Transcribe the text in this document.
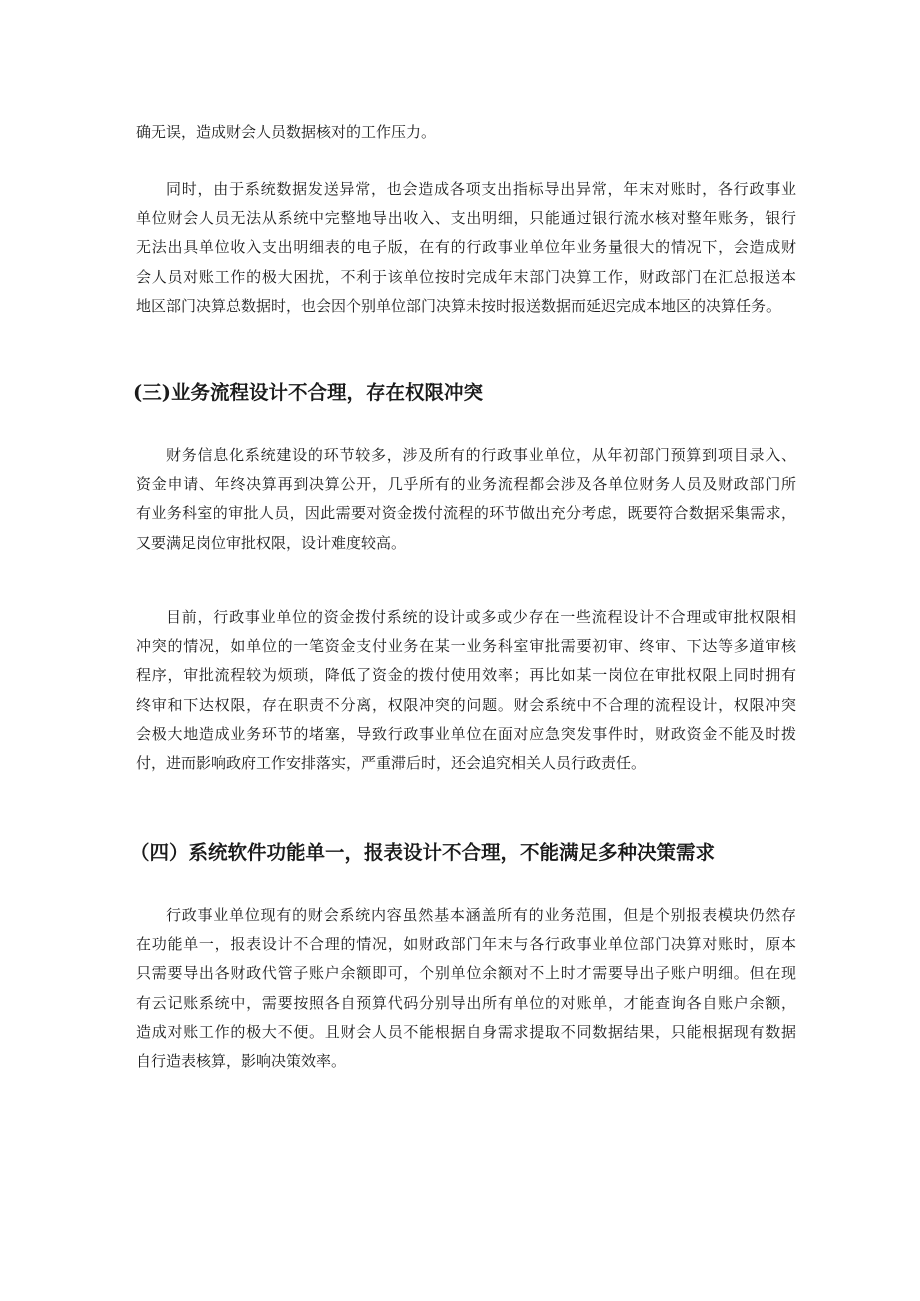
确无误，造成财会人员数据核对的工作压力。

同时，由于系统数据发送异常，也会造成各项支出指标导出异常，年末对账时，各行政事业
单位财会人员无法从系统中完整地导出收入、支出明细，只能通过银行流水核对整年账务，银行
无法出具单位收入支出明细表的电子版，在有的行政事业单位年业务量很大的情况下，会造成财
会人员对账工作的极大困扰，不利于该单位按时完成年末部门决算工作，财政部门在汇总报送本
地区部门决算总数据时，也会因个别单位部门决算未按时报送数据而延迟完成本地区的决算任务。

(三)业务流程设计不合理，存在权限冲突

财务信息化系统建设的环节较多，涉及所有的行政事业单位，从年初部门预算到项目录入、
资金申请、年终决算再到决算公开，几乎所有的业务流程都会涉及各单位财务人员及财政部门所
有业务科室的审批人员，因此需要对资金拨付流程的环节做出充分考虑，既要符合数据采集需求，
又要满足岗位审批权限，设计难度较高。

目前，行政事业单位的资金拨付系统的设计或多或少存在一些流程设计不合理或审批权限相
冲突的情况，如单位的一笔资金支付业务在某一业务科室审批需要初审、终审、下达等多道审核
程序，审批流程较为烦琐，降低了资金的拨付使用效率；再比如某一岗位在审批权限上同时拥有
终审和下达权限，存在职责不分离，权限冲突的问题。财会系统中不合理的流程设计，权限冲突
会极大地造成业务环节的堵塞，导致行政事业单位在面对应急突发事件时，财政资金不能及时拨
付，进而影响政府工作安排落实，严重滞后时，还会追究相关人员行政责任。

（四）系统软件功能单一，报表设计不合理，不能满足多种决策需求

行政事业单位现有的财会系统内容虽然基本涵盖所有的业务范围，但是个别报表模块仍然存
在功能单一，报表设计不合理的情况，如财政部门年末与各行政事业单位部门决算对账时，原本
只需要导出各财政代管子账户余额即可，个别单位余额对不上时才需要导出子账户明细。但在现
有云记账系统中，需要按照各自预算代码分别导出所有单位的对账单，才能查询各自账户余额，
造成对账工作的极大不便。且财会人员不能根据自身需求提取不同数据结果，只能根据现有数据
自行造表核算，影响决策效率。
